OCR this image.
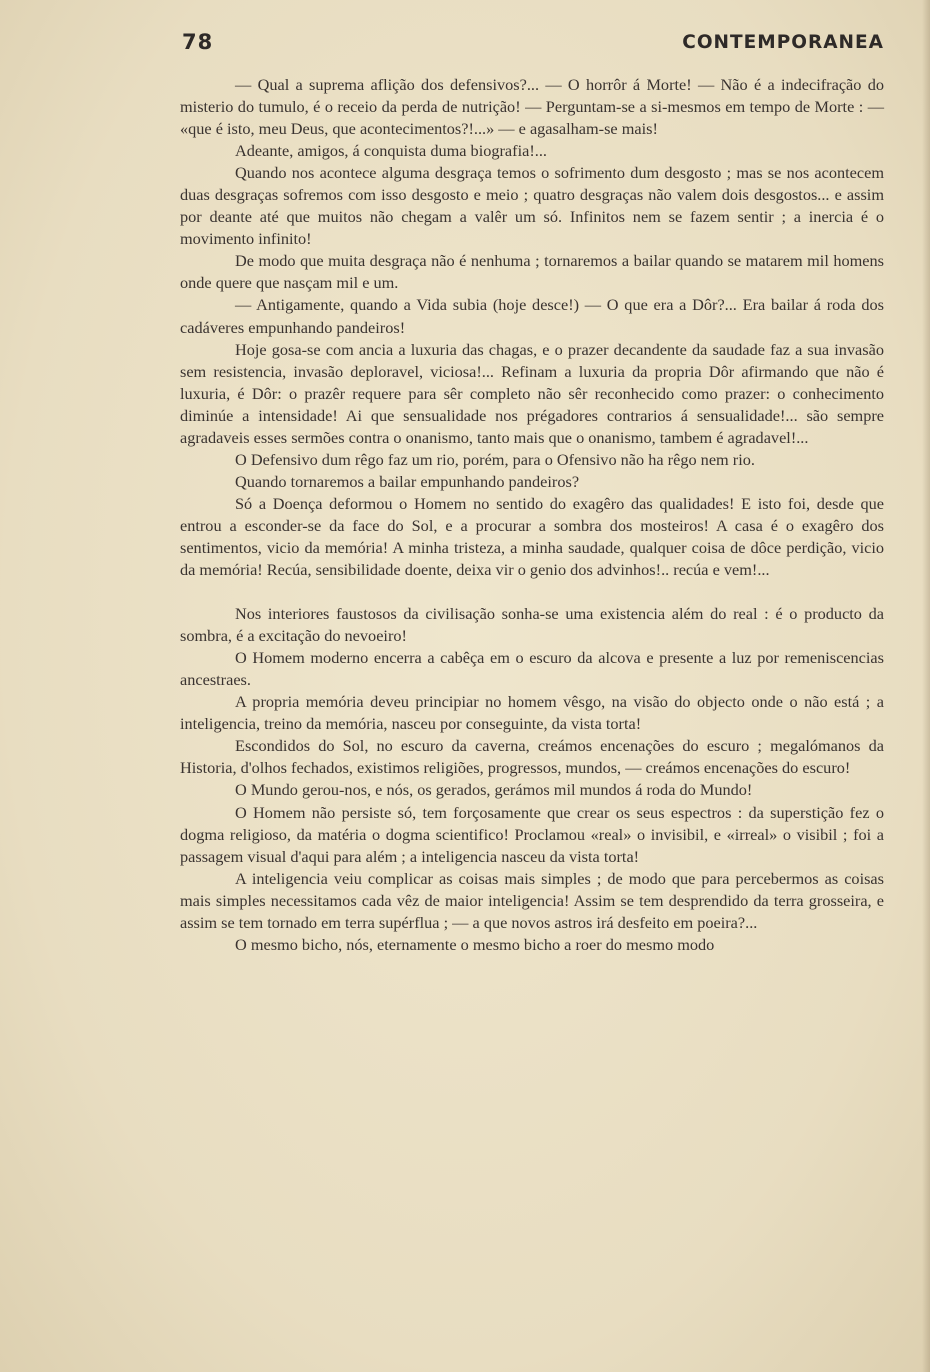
78	CONTEMPORANEA

— Qual a suprema aflição dos defensivos?... — O horrôr á Morte! — Não é a indecifração do misterio do tumulo, é o receio da perda de nutrição! — Perguntam-se a si-mesmos em tempo de Morte : — «que é isto, meu Deus, que acontecimentos?!...» — e agasalham-se mais!

Adeante, amigos, á conquista duma biografia!...

Quando nos acontece alguma desgraça temos o sofrimento dum desgosto ; mas se nos acontecem duas desgraças sofremos com isso desgosto e meio ; quatro desgraças não valem dois desgostos... e assim por deante até que muitos não chegam a valêr um só. Infinitos nem se fazem sentir ; a inercia é o movimento infinito!

De modo que muita desgraça não é nenhuma ; tornaremos a bailar quando se matarem mil homens onde quere que nasçam mil e um.

— Antigamente, quando a Vida subia (hoje desce!) — O que era a Dôr?... Era bailar á roda dos cadáveres empunhando pandeiros!

Hoje gosa-se com ancia a luxuria das chagas, e o prazer decandente da saudade faz a sua invasão sem resistencia, invasão deploravel, viciosa!... Refinam a luxuria da propria Dôr afirmando que não é luxuria, é Dôr: o prazêr requere para sêr completo não sêr reconhecido como prazer: o conhecimento diminúe a intensidade! Ai que sensualidade nos prégadores contrarios á sensualidade!... são sempre agradaveis esses sermões contra o onanismo, tanto mais que o onanismo, tambem é agradavel!...

O Defensivo dum rêgo faz um rio, porém, para o Ofensivo não ha rêgo nem rio.

Quando tornaremos a bailar empunhando pandeiros?

Só a Doença deformou o Homem no sentido do exagêro das qualidades! E isto foi, desde que entrou a esconder-se da face do Sol, e a procurar a sombra dos mosteiros! A casa é o exagêro dos sentimentos, vicio da memória! A minha tristeza, a minha saudade, qualquer coisa de dôce perdição, vicio da memória! Recúa, sensibilidade doente, deixa vir o genio dos advinhos!.. recúa e vem!...

Nos interiores faustosos da civilisação sonha-se uma existencia além do real : é o producto da sombra, é a excitação do nevoeiro!

O Homem moderno encerra a cabêça em o escuro da alcova e presente a luz por remeniscencias ancestraes.

A propria memória deveu principiar no homem vêsgo, na visão do objecto onde o não está ; a inteligencia, treino da memória, nasceu por conseguinte, da vista torta!

Escondidos do Sol, no escuro da caverna, creámos encenações do escuro ; megalómanos da Historia, d'olhos fechados, existimos religiões, progressos, mundos, — creámos encenações do escuro!

O Mundo gerou-nos, e nós, os gerados, gerámos mil mundos á roda do Mundo!

O Homem não persiste só, tem forçosamente que crear os seus espectros : da superstição fez o dogma religioso, da matéria o dogma scientifico! Proclamou «real» o invisibil, e «irreal» o visibil ; foi a passagem visual d'aqui para além ; a inteligencia nasceu da vista torta!

A inteligencia veiu complicar as coisas mais simples ; de modo que para percebermos as coisas mais simples necessitamos cada vêz de maior inteligencia! Assim se tem desprendido da terra grosseira, e assim se tem tornado em terra supérflua ; — a que novos astros irá desfeito em poeira?...

O mesmo bicho, nós, eternamente o mesmo bicho a roer do mesmo modo
